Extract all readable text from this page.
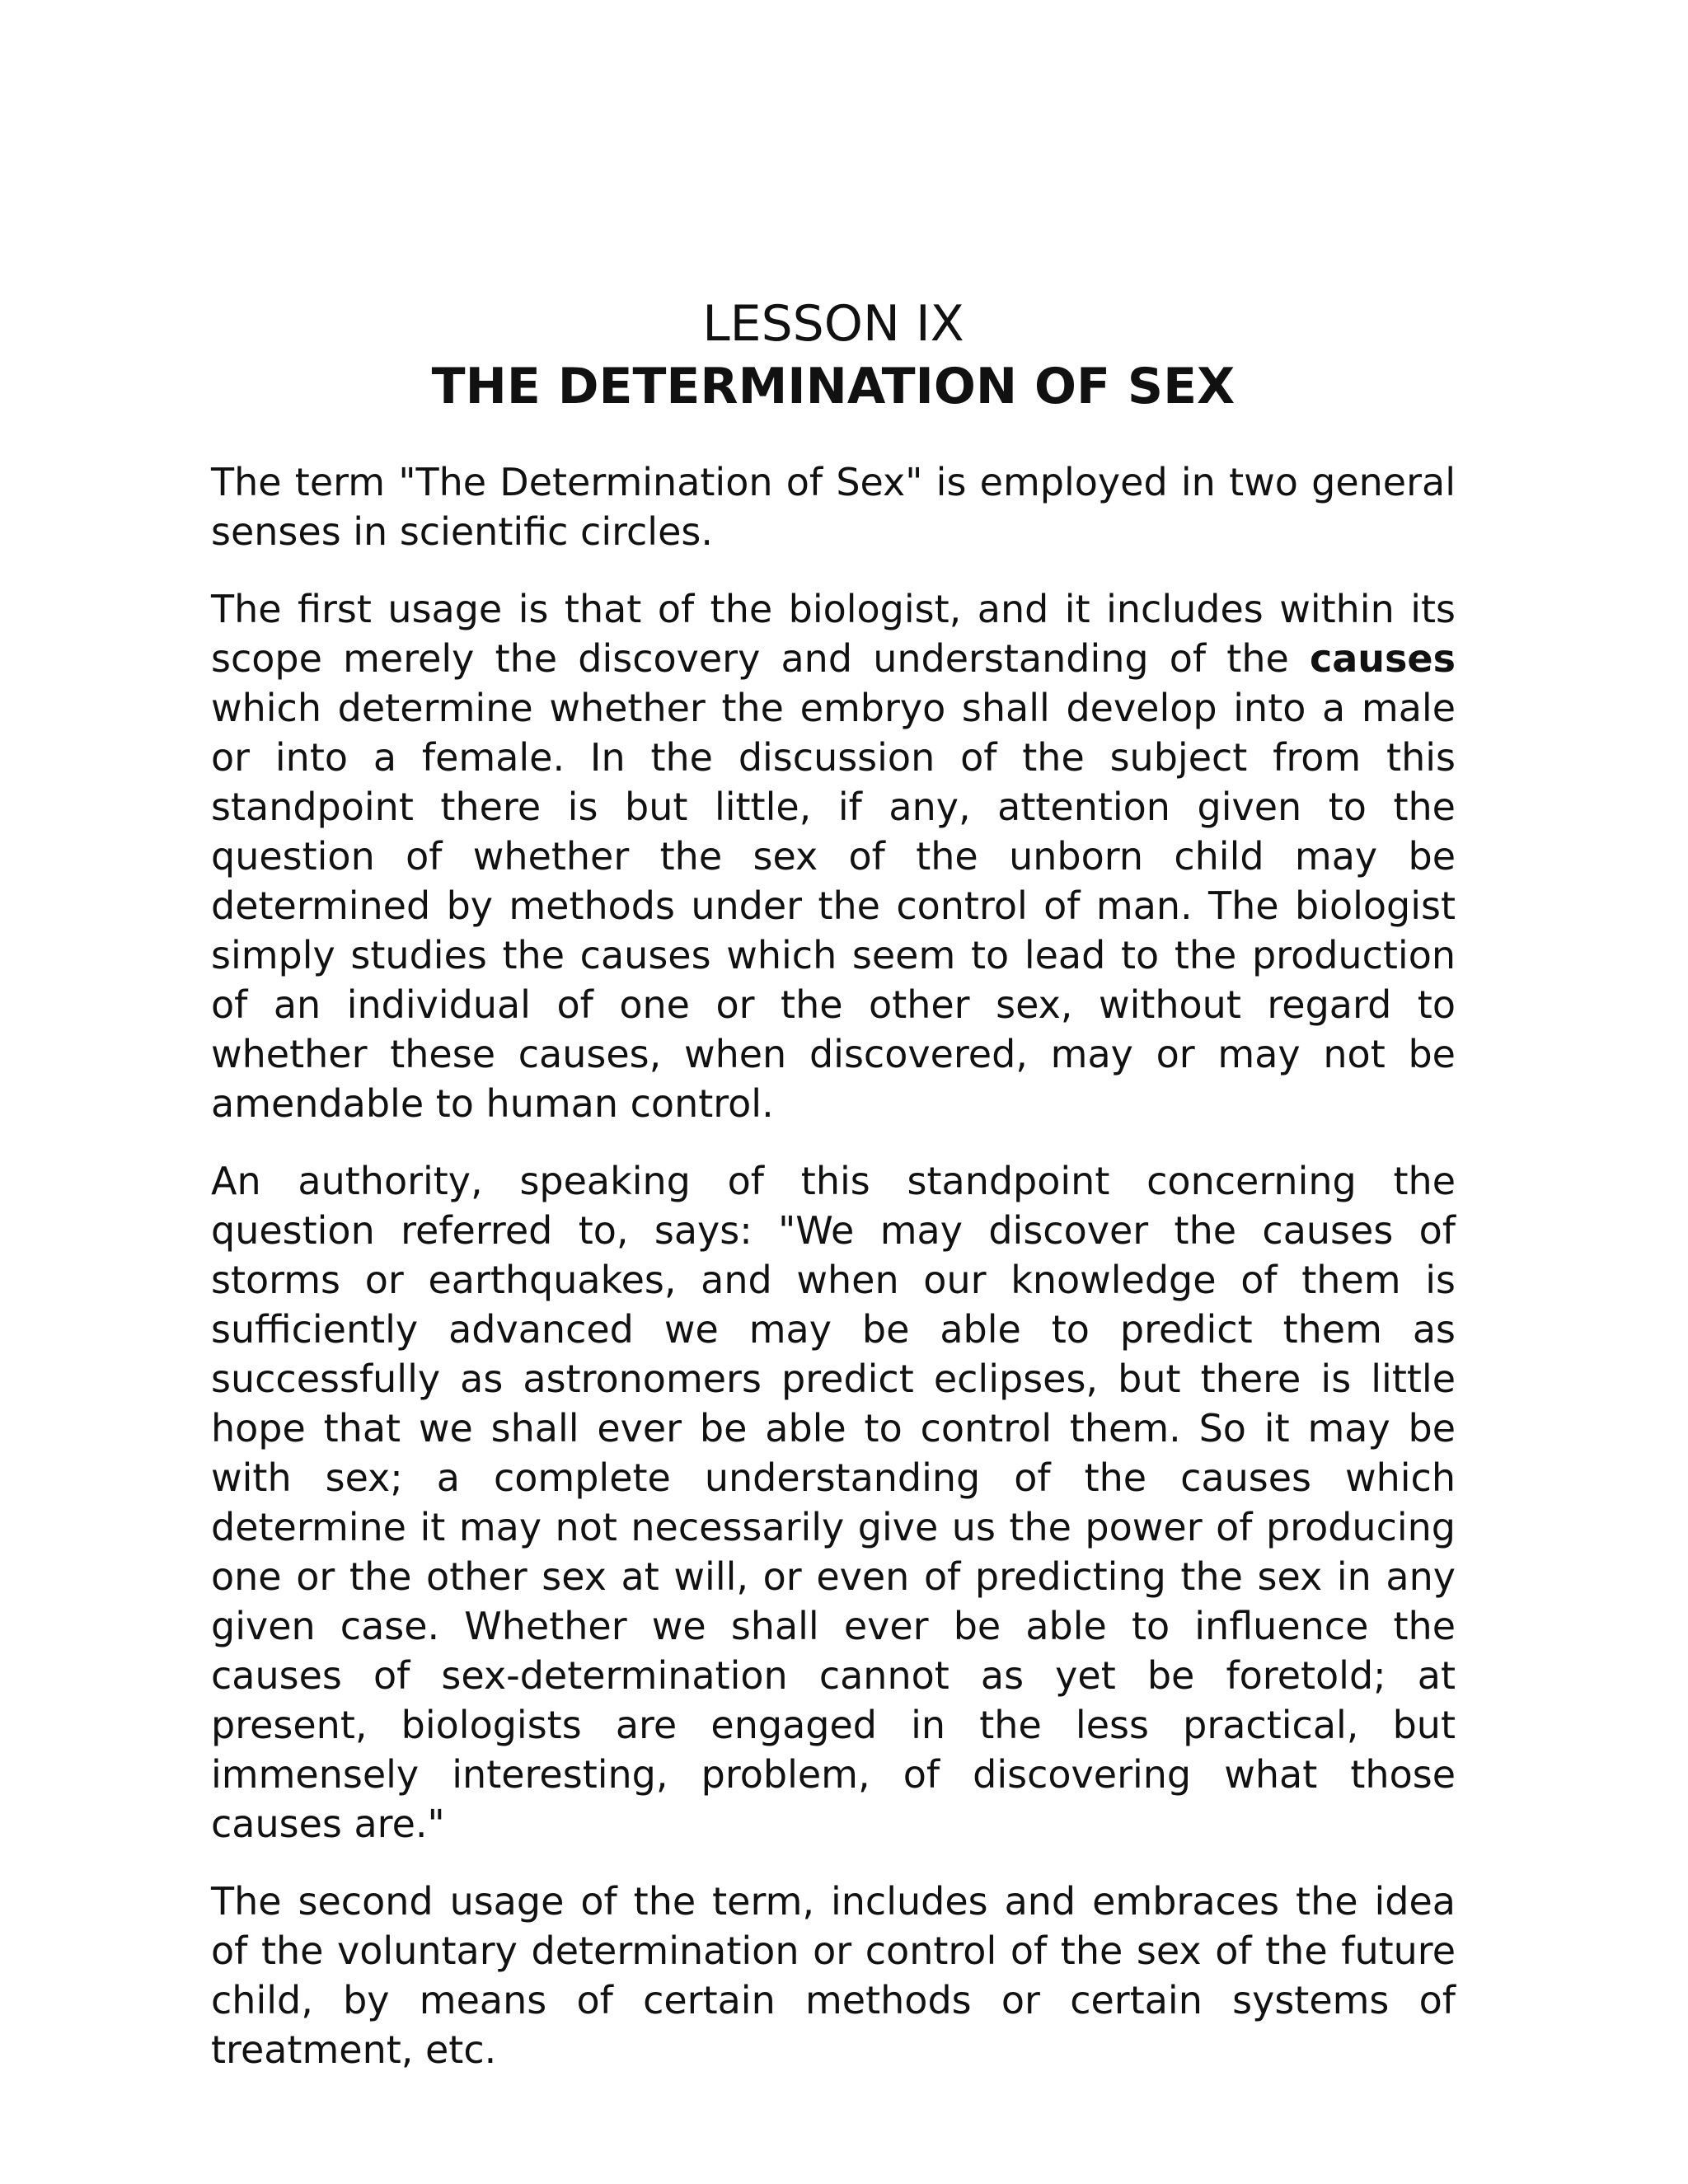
LESSON IX
THE DETERMINATION OF SEX

The term "The Determination of Sex" is employed in two general senses in scientific circles.

The first usage is that of the biologist, and it includes within its scope merely the discovery and understanding of the causes which determine whether the embryo shall develop into a male or into a female. In the discussion of the subject from this standpoint there is but little, if any, attention given to the question of whether the sex of the unborn child may be determined by methods under the control of man. The biologist simply studies the causes which seem to lead to the production of an individual of one or the other sex, without regard to whether these causes, when discovered, may or may not be amendable to human control.

An authority, speaking of this standpoint concerning the question referred to, says: "We may discover the causes of storms or earthquakes, and when our knowledge of them is sufficiently advanced we may be able to predict them as successfully as astronomers predict eclipses, but there is little hope that we shall ever be able to control them. So it may be with sex; a complete understanding of the causes which determine it may not necessarily give us the power of producing one or the other sex at will, or even of predicting the sex in any given case. Whether we shall ever be able to influence the causes of sex-determination cannot as yet be foretold; at present, biologists are engaged in the less practical, but immensely interesting, problem, of discovering what those causes are."

The second usage of the term, includes and embraces the idea of the voluntary determination or control of the sex of the future child, by means of certain methods or certain systems of treatment, etc.
